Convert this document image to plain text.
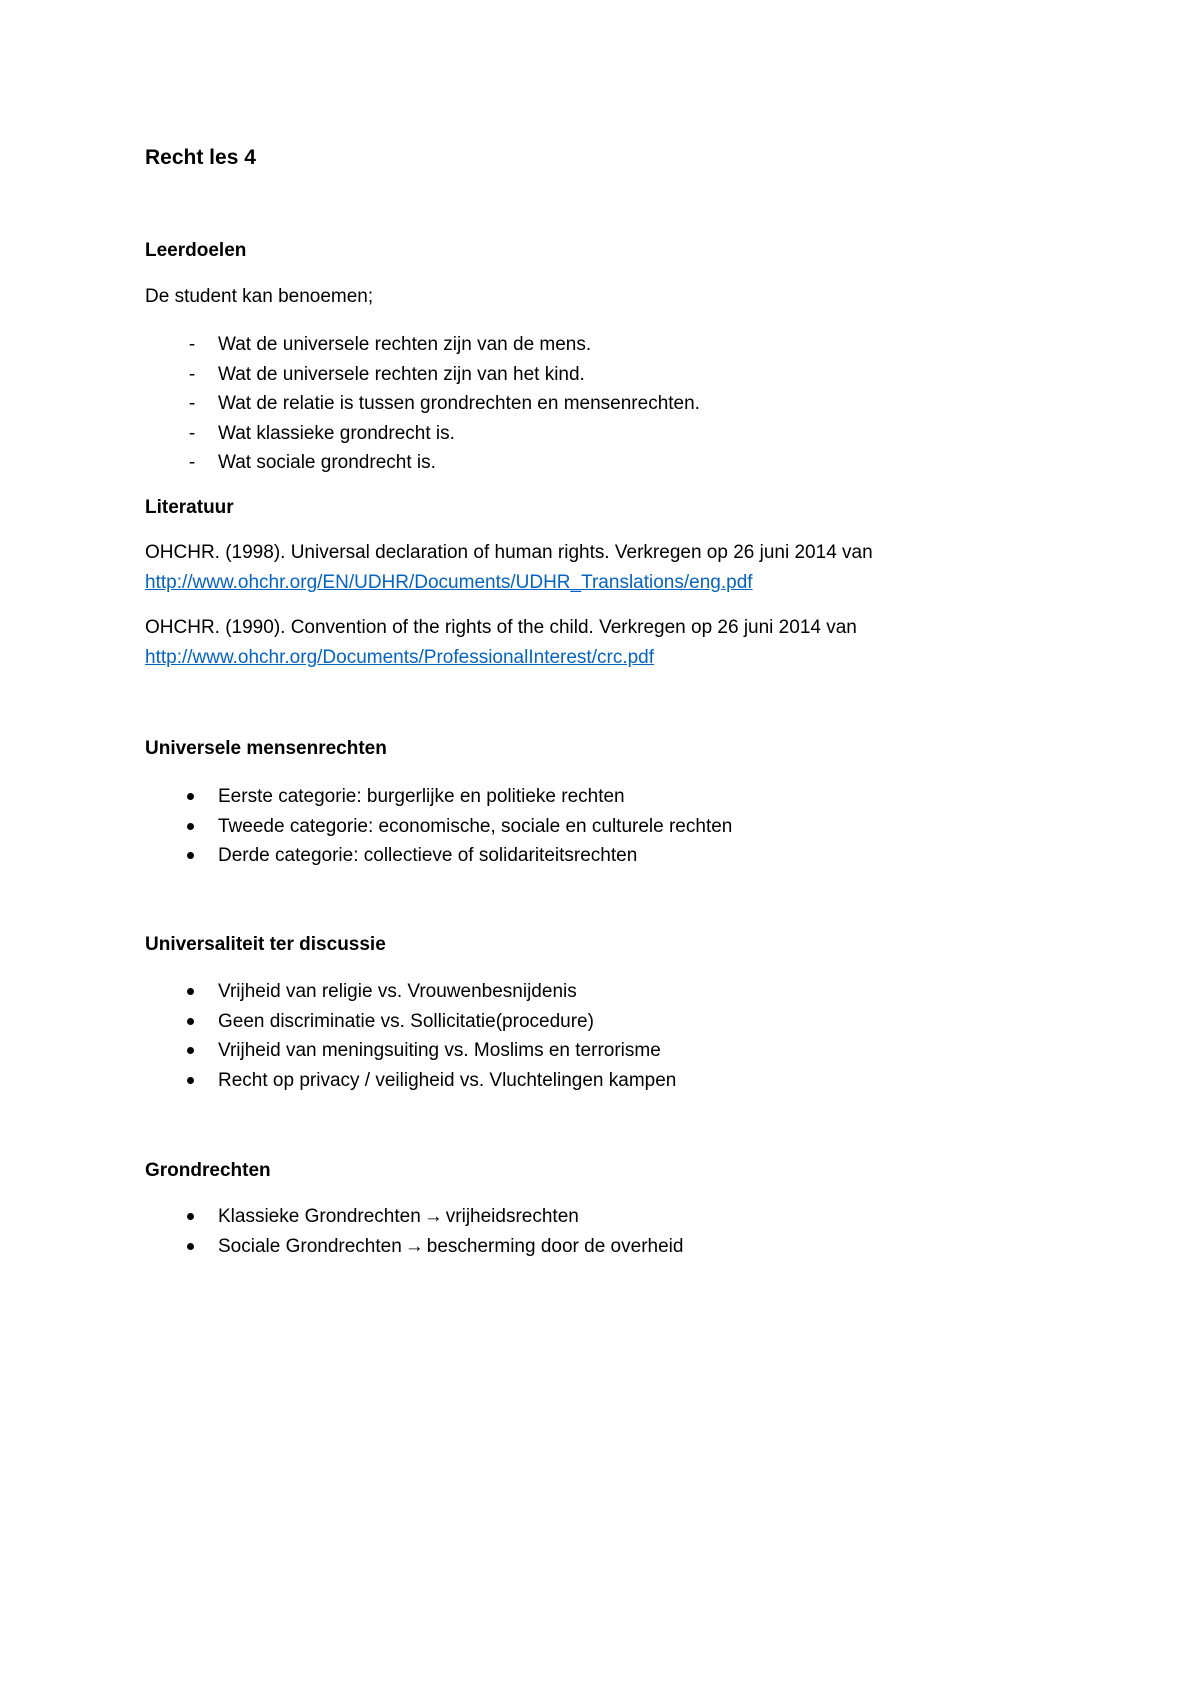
Recht les 4
Leerdoelen
De student kan benoemen;
- Wat de universele rechten zijn van de mens.
- Wat de universele rechten zijn van het kind.
- Wat de relatie is tussen grondrechten en mensenrechten.
- Wat klassieke grondrecht is.
- Wat sociale grondrecht is.
Literatuur
OHCHR. (1998). Universal declaration of human rights. Verkregen op 26 juni 2014 van
http://www.ohchr.org/EN/UDHR/Documents/UDHR_Translations/eng.pdf
OHCHR. (1990). Convention of the rights of the child. Verkregen op 26 juni 2014 van
http://www.ohchr.org/Documents/ProfessionalInterest/crc.pdf
Universele mensenrechten
Eerste categorie: burgerlijke en politieke rechten
Tweede categorie: economische, sociale en culturele rechten
Derde categorie: collectieve of solidariteitsrechten
Universaliteit ter discussie
Vrijheid van religie vs. Vrouwenbesnijdenis
Geen discriminatie vs. Sollicitatie(procedure)
Vrijheid van meningsuiting vs. Moslims en terrorisme
Recht op privacy / veiligheid vs. Vluchtelingen kampen
Grondrechten
Klassieke Grondrechten → vrijheidsrechten
Sociale Grondrechten → bescherming door de overheid
